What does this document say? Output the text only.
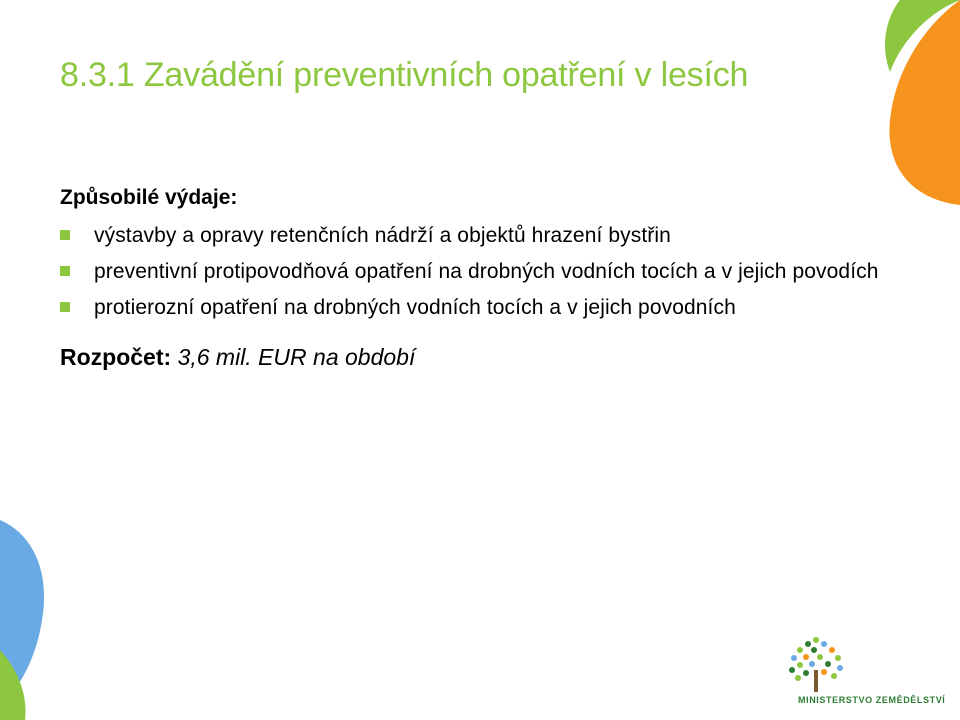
8.3.1 Zavádění preventivních opatření v lesích

Způsobilé výdaje:

výstavby a opravy retenčních nádrží a objektů hrazení bystřin
preventivní protipovodňová opatření na drobných vodních tocích a v jejich povodích
protierozní opatření na drobných vodních tocích a v jejich povodních

Rozpočet: 3,6 mil. EUR na období

MINISTERSTVO ZEMĚDĚLSTVÍ
